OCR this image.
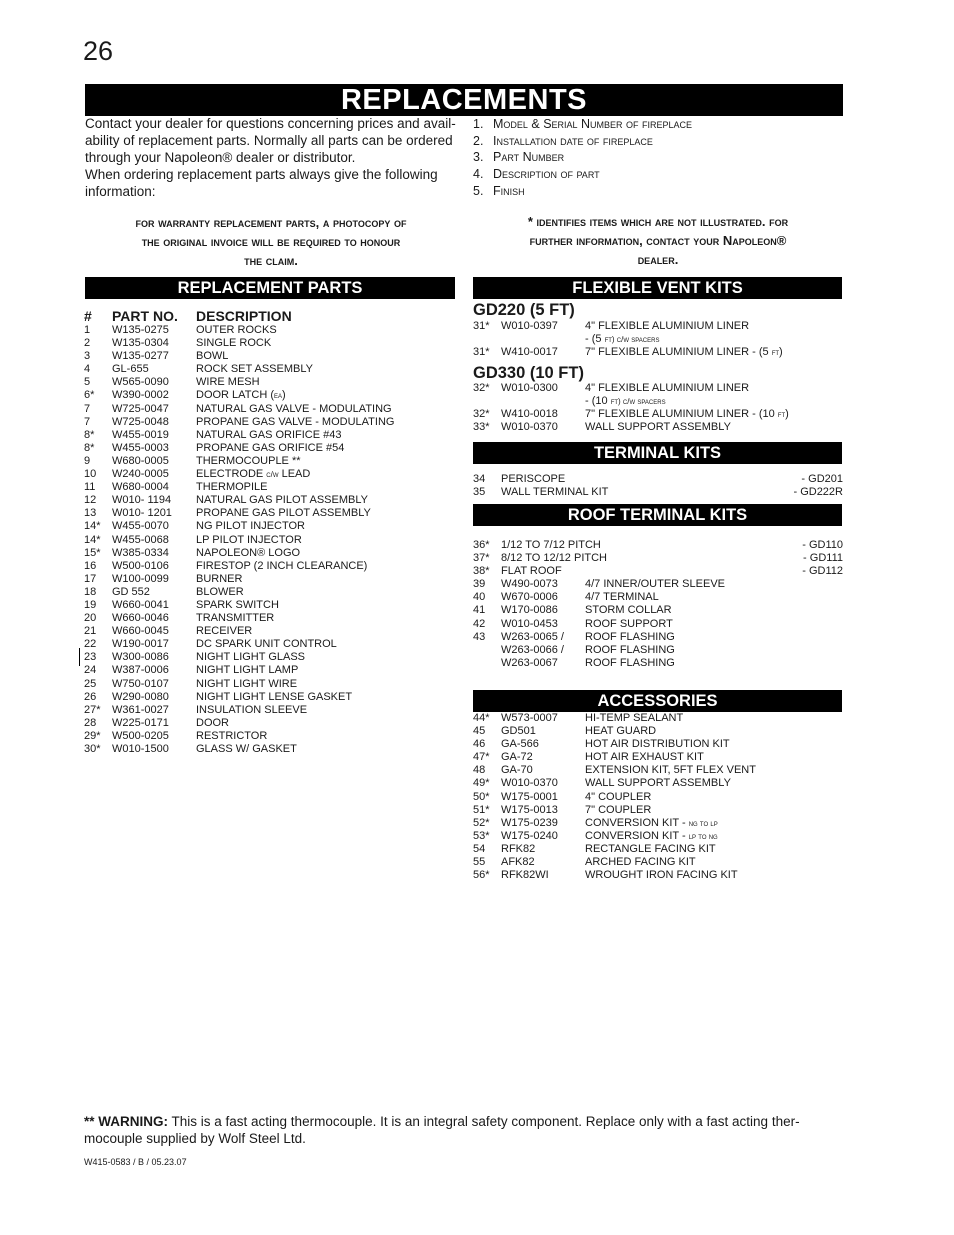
26
REPLACEMENTS

Contact your dealer for questions concerning prices and avail-

ability of replacement parts. Normally all parts can be ordered

through your Napoleon® dealer or distributor.

When ordering replacement parts always give the following

information:

1. Model & Serial Number of fireplace
2. Installation date of fireplace
3. Part Number
4. Description of part
5. Finish
for warranty replacement parts, a photocopy of
the original invoice will be required to honour
the claim.
* identifies items which are not illustrated. for
further information, contact your Napoleon®
dealer.
REPLACEMENT PARTS
# PART NO. DESCRIPTION
1 W135-0275 OUTER ROCKS
2 W135-0304 SINGLE ROCK
3 W135-0277 BOWL
4 GL-655	ROCK SET ASSEMBLY
5 W565-0090 WIRE MESH
6* W390-0002 DOOR LATCH (ea)
7 W725-0047 NATURAL GAS VALVE - MODULATING
7 W725-0048 PROPANE GAS VALVE - MODULATING
8* W455-0019 NATURAL GAS ORIFICE #43
8* W455-0003 PROPANE GAS ORIFICE #54
9 W680-0005 THERMOCOUPLE **
10 W240-0005 ELECTRODE c/w LEAD
11 W680-0004 THERMOPILE
12 W010- 1194 NATURAL GAS PILOT ASSEMBLY
13 W010- 1201 PROPANE GAS PILOT ASSEMBLY
14* W455-0070 NG PILOT INJECTOR
14* W455-0068 LP PILOT INJECTOR
15* W385-0334 NAPOLEON® LOGO
16 W500-0106 FIRESTOP (2 INCH CLEARANCE)
17 W100-0099 BURNER
18 GD 552	BLOWER
19 W660-0041 SPARK SWITCH
20 W660-0046 TRANSMITTER
21 W660-0045 RECEIVER
22 W190-0017 DC SPARK UNIT CONTROL
23 W300-0086 NIGHT LIGHT GLASS
24 W387-0006 NIGHT LIGHT LAMP
25 W750-0107 NIGHT LIGHT WIRE
26 W290-0080 NIGHT LIGHT LENSE GASKET
27* W361-0027 INSULATION SLEEVE
28 W225-0171 DOOR
29* W500-0205 RESTRICTOR
30* W010-1500 GLASS W/ GASKET
FLEXIBLE VENT KITS
GD220 (5 FT)
31* W010-0397 4" FLEXIBLE ALUMINIUM LINER
- (5 ft) c/w spacers
31* W410-0017 7" FLEXIBLE ALUMINIUM LINER - (5 ft)
GD330 (10 FT)
32* W010-0300 4" FLEXIBLE ALUMINIUM LINER
- (10 ft) c/w spacers
32* W410-0018 7" FLEXIBLE ALUMINIUM LINER - (10 ft)
33* W010-0370 WALL SUPPORT ASSEMBLY
TERMINAL KITS
34 PERISCOPE	- GD201
35 WALL TERMINAL KIT	- GD222R
ROOF TERMINAL KITS
36* 1/12 TO 7/12 PITCH	- GD110
37* 8/12 TO 12/12 PITCH	- GD111
38* FLAT ROOF	- GD112
39 W490-0073 4/7 INNER/OUTER SLEEVE
40 W670-0006 4/7 TERMINAL
41 W170-0086 STORM COLLAR
42 W010-0453 ROOF SUPPORT
43 W263-0065 / ROOF FLASHING
W263-0066 / ROOF FLASHING
W263-0067 ROOF FLASHING
ACCESSORIES
44* W573-0007 HI-TEMP SEALANT
45 GD501	HEAT GUARD
46 GA-566	HOT AIR DISTRIBUTION KIT
47* GA-72	HOT AIR EXHAUST KIT
48 GA-70	EXTENSION KIT, 5FT FLEX VENT
49* W010-0370 WALL SUPPORT ASSEMBLY
50* W175-0001 4" COUPLER
51* W175-0013 7" COUPLER
52* W175-0239 CONVERSION KIT - ng to lp
53* W175-0240 CONVERSION KIT - lp to ng
54 RFK82	RECTANGLE FACING KIT
55 AFK82	ARCHED FACING KIT
56* RFK82WI	WROUGHT IRON FACING KIT
** WARNING: This is a fast acting thermocouple. It is an integral safety component. Replace only with a fast acting ther-
mocouple supplied by Wolf Steel Ltd.
W415-0583 / B / 05.23.07
